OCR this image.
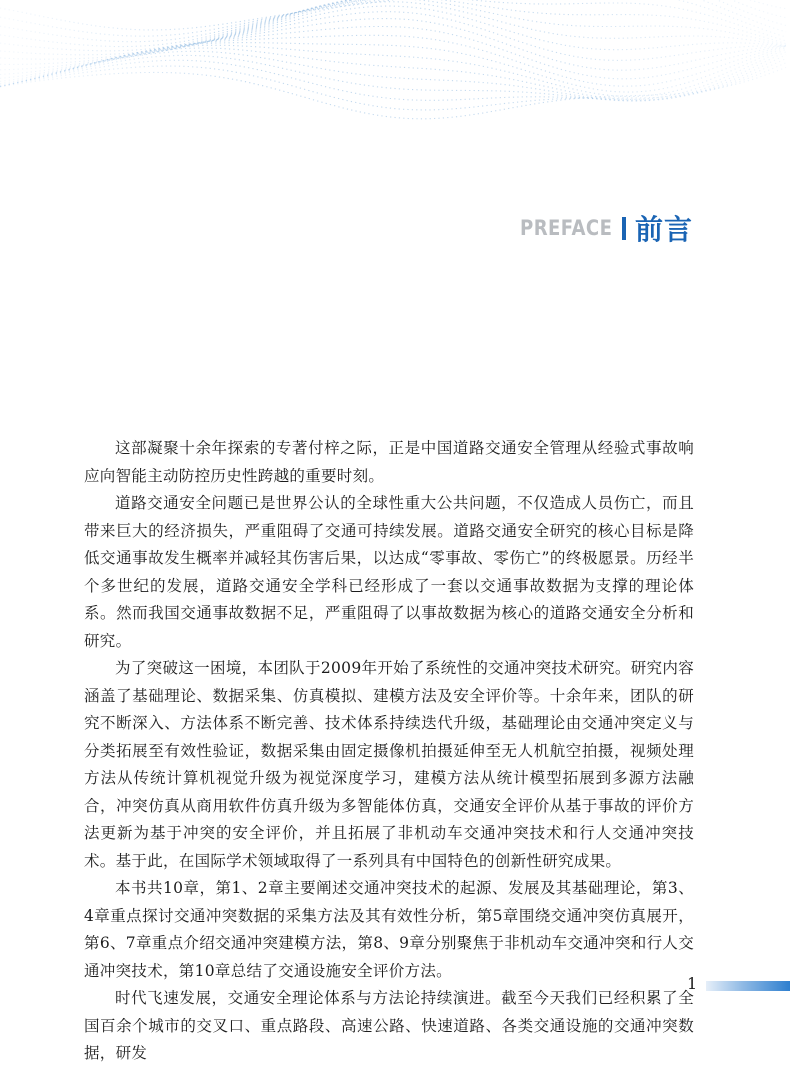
PREFACE 前言

这部凝聚十余年探索的专著付梓之际，正是中国道路交通安全管理从经验式事故响应向智能主动防控历史性跨越的重要时刻。

道路交通安全问题已是世界公认的全球性重大公共问题，不仅造成人员伤亡，而且带来巨大的经济损失，严重阻碍了交通可持续发展。道路交通安全研究的核心目标是降低交通事故发生概率并减轻其伤害后果，以达成“零事故、零伤亡”的终极愿景。历经半个多世纪的发展，道路交通安全学科已经形成了一套以交通事故数据为支撑的理论体系。然而我国交通事故数据不足，严重阻碍了以事故数据为核心的道路交通安全分析和研究。

为了突破这一困境，本团队于2009年开始了系统性的交通冲突技术研究。研究内容涵盖了基础理论、数据采集、仿真模拟、建模方法及安全评价等。十余年来，团队的研究不断深入、方法体系不断完善、技术体系持续迭代升级，基础理论由交通冲突定义与分类拓展至有效性验证，数据采集由固定摄像机拍摄延伸至无人机航空拍摄，视频处理方法从传统计算机视觉升级为视觉深度学习，建模方法从统计模型拓展到多源方法融合，冲突仿真从商用软件仿真升级为多智能体仿真，交通安全评价从基于事故的评价方法更新为基于冲突的安全评价，并且拓展了非机动车交通冲突技术和行人交通冲突技术。基于此，在国际学术领域取得了一系列具有中国特色的创新性研究成果。

本书共10章，第1、2章主要阐述交通冲突技术的起源、发展及其基础理论，第3、4章重点探讨交通冲突数据的采集方法及其有效性分析，第5章围绕交通冲突仿真展开，第6、7章重点介绍交通冲突建模方法，第8、9章分别聚焦于非机动车交通冲突和行人交通冲突技术，第10章总结了交通设施安全评价方法。

时代飞速发展，交通安全理论体系与方法论持续演进。截至今天我们已经积累了全国百余个城市的交叉口、重点路段、高速公路、快速道路、各类交通设施的交通冲突数据，研发

1
